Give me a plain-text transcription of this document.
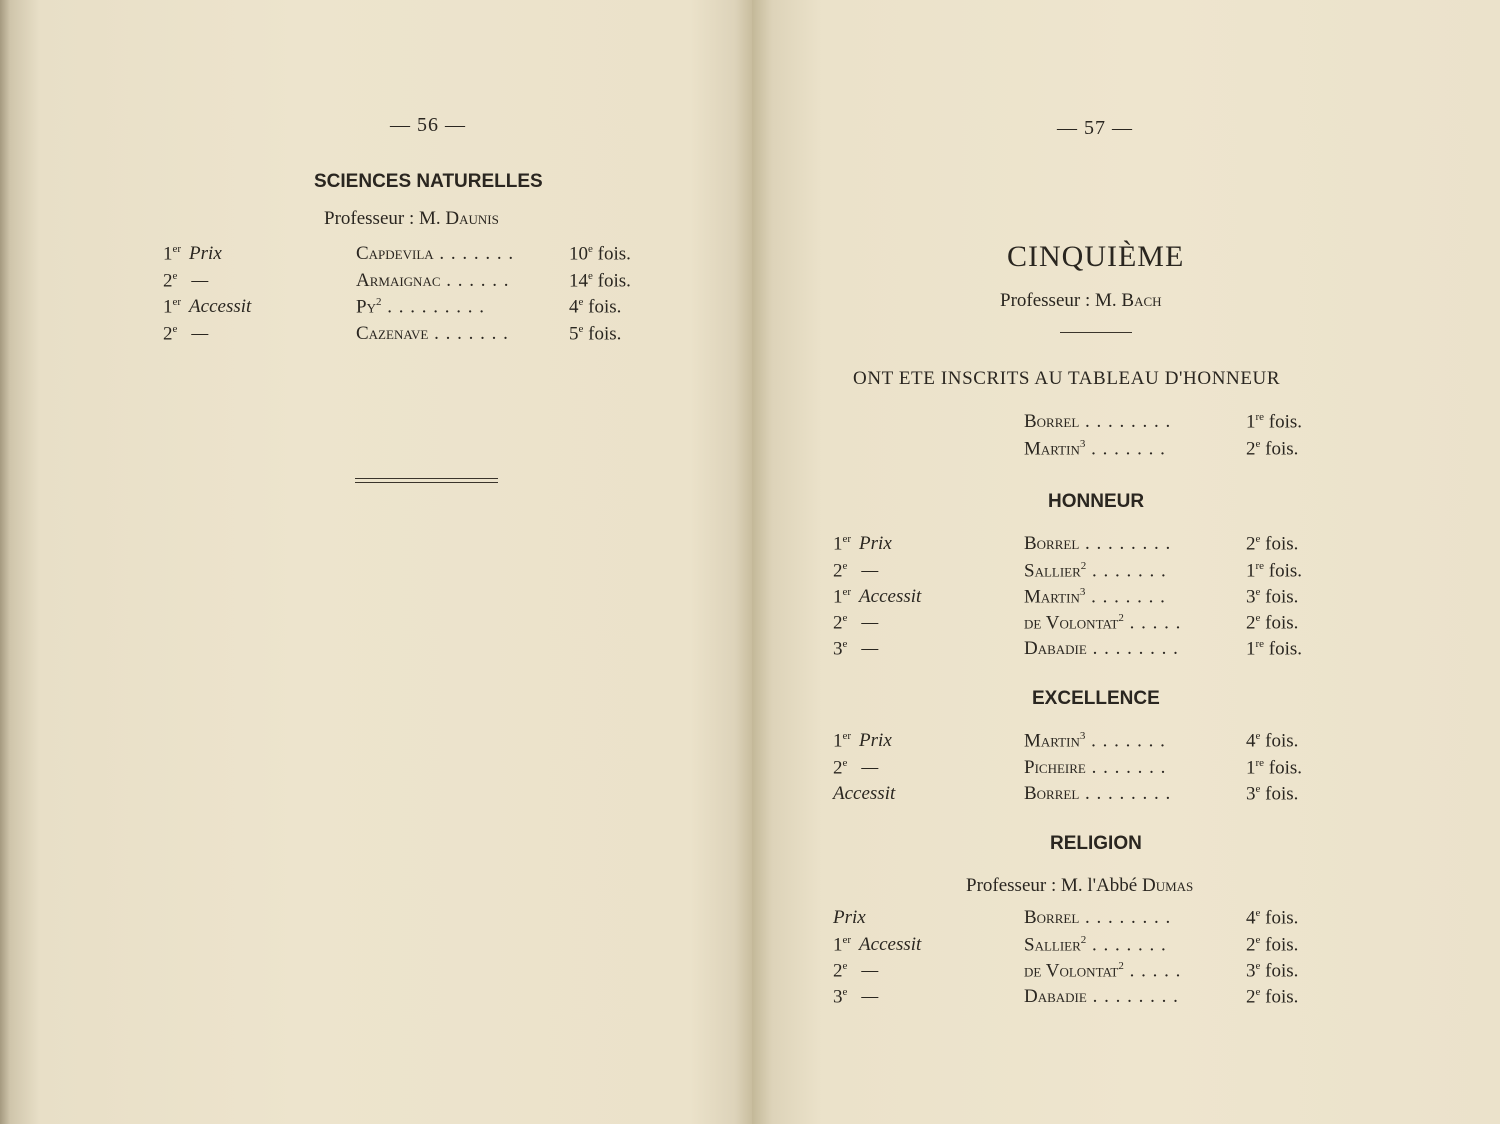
— 56 —
SCIENCES NATURELLES
Professeur : M. Daunis
1er Prix	Capdevila . . . . . . .	10e fois.
2e —	Armaignac . . . . . .	14e fois.
1er Accessit	Py$^2$ . . . . . . . . .	4e fois.
2e —	Cazenave . . . . . . .	5e fois.
— 57 —
CINQUIÈME
Professeur : M. Bach
ONT ETE INSCRITS AU TABLEAU D'HONNEUR
HONNEUR
EXCELLENCE
RELIGION
Professeur : M. l'Abbé Dumas
Borrel . . . . . . . .	1re fois.
Martin$^3$ . . . . . . .	2e fois.
1er Prix	Borrel . . . . . . . .	2e fois.
2e —	Sallier$^2$ . . . . . . .	1re fois.
1er Accessit	Martin$^3$ . . . . . . .	3e fois.
2e —	de Volontat$^2$ . . . . .	2e fois.
3e —	Dabadie . . . . . . . .	1re fois.
1er Prix	Martin$^3$ . . . . . . .	4e fois.
2e —	Picheire . . . . . . .	1re fois.
Accessit	Borrel . . . . . . . .	3e fois.
Prix	Borrel . . . . . . . .	4e fois.
1er Accessit	Sallier$^2$ . . . . . . .	2e fois.
2e —	de Volontat$^2$ . . . . .	3e fois.
3e —	Dabadie . . . . . . . .	2e fois.
